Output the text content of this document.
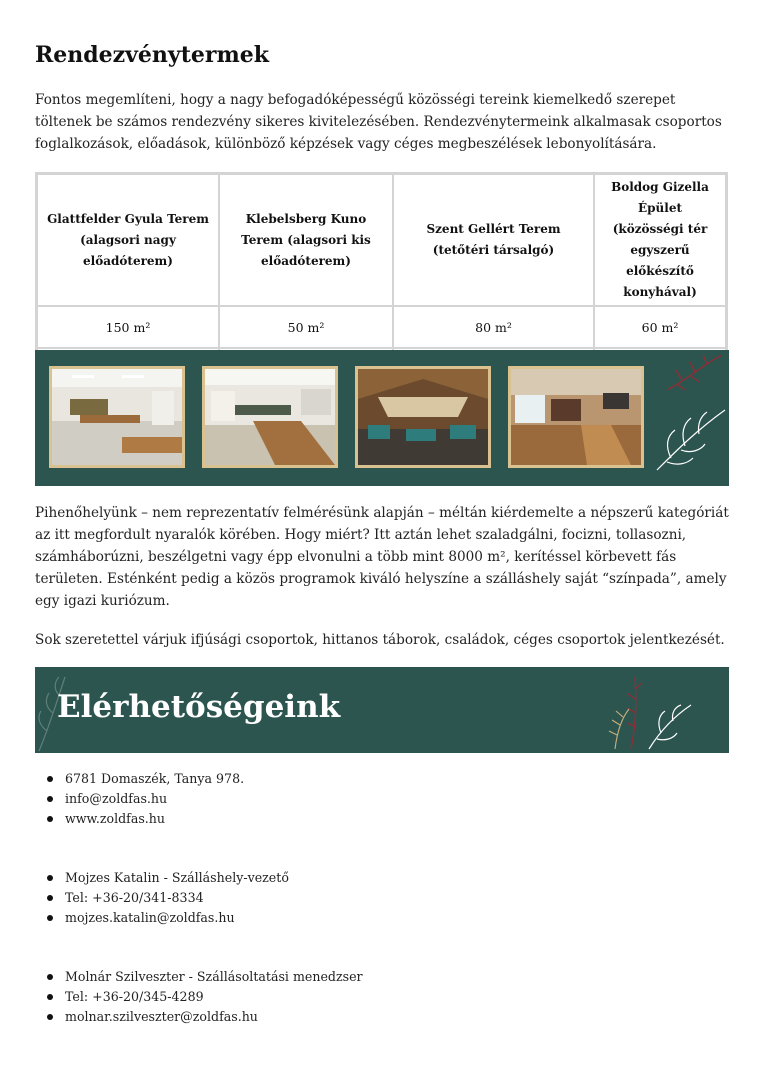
Rendezvénytermek

Fontos megemlíteni, hogy a nagy befogadóképességű közösségi tereink kiemelkedő szerepet töltenek be számos rendezvény sikeres kivitelezésében. Rendezvénytermeink alkalmasak csoportos foglalkozások, előadások, különböző képzések vagy céges megbeszélések lebonyolítására.

Glattfelder Gyula Terem (alagsori nagy előadóterem)	Klebelsberg Kuno Terem (alagsori kis előadóterem)	Szent Gellért Terem (tetőtéri társalgó)	Boldog Gizella Épület (közösségi tér egyszerű előkészítő konyhával)
150 m²	50 m²	80 m²	60 m²

Pihenőhelyünk – nem reprezentatív felmérésünk alapján – méltán kiérdemelte a népszerű kategóriát az itt megfordult nyaralók körében. Hogy miért? Itt aztán lehet szaladgálni, focizni, tollasozni, számháborúzni, beszélgetni vagy épp elvonulni a több mint 8000 m², kerítéssel körbevett fás területen. Esténként pedig a közös programok kiváló helyszíne a szálláshely saját “színpada”, amely egy igazi kuriózum.

Sok szeretettel várjuk ifjúsági csoportok, hittanos táborok, családok, céges csoportok jelentkezését.

Elérhetőségeink
6781 Domaszék, Tanya 978.
info@zoldfas.hu
www.zoldfas.hu
Mojzes Katalin - Szálláshely-vezető
Tel: +36-20/341-8334
mojzes.katalin@zoldfas.hu
Molnár Szilveszter - Szállásoltatási menedzser
Tel: +36-20/345-4289
molnar.szilveszter@zoldfas.hu
